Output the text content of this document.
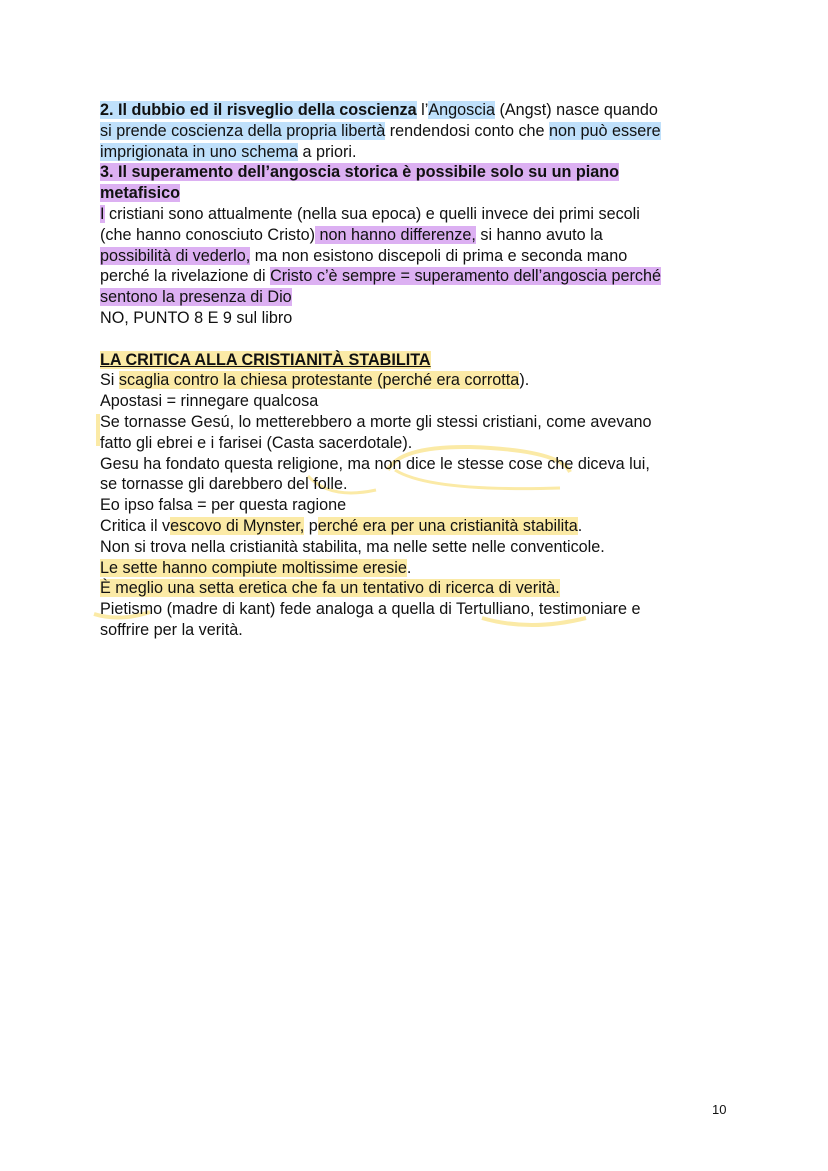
2. Il dubbio ed il risveglio della coscienza l’Angoscia (Angst) nasce quando
si prende coscienza della propria libertà rendendosi conto che non può essere
imprigionata in uno schema a priori.
3. Il superamento dell’angoscia storica è possibile solo su un piano
metafisico
I cristiani sono attualmente (nella sua epoca) e quelli invece dei primi secoli
(che hanno conosciuto Cristo) non hanno differenze, si hanno avuto la
possibilità di vederlo, ma non esistono discepoli di prima e seconda mano
perché la rivelazione di Cristo c’è sempre = superamento dell’angoscia perché
sentono la presenza di Dio
NO, PUNTO 8 E 9 sul libro
LA CRITICA ALLA CRISTIANITÀ STABILITA
Si scaglia contro la chiesa protestante (perché era corrotta).
Apostasi = rinnegare qualcosa
Se tornasse Gesú, lo metterebbero a morte gli stessi cristiani, come avevano
fatto gli ebrei e i farisei (Casta sacerdotale).
Gesu ha fondato questa religione, ma non dice le stesse cose che diceva lui,
se tornasse gli darebbero del folle.
Eo ipso falsa = per questa ragione
Critica il vescovo di Mynster, perché era per una cristianità stabilita.
Non si trova nella cristianità stabilita, ma nelle sette nelle conventicole.
Le sette hanno compiute moltissime eresie.
È meglio una setta eretica che fa un tentativo di ricerca di verità.
Pietismo (madre di kant) fede analoga a quella di Tertulliano, testimoniare e
soffrire per la verità.
10
